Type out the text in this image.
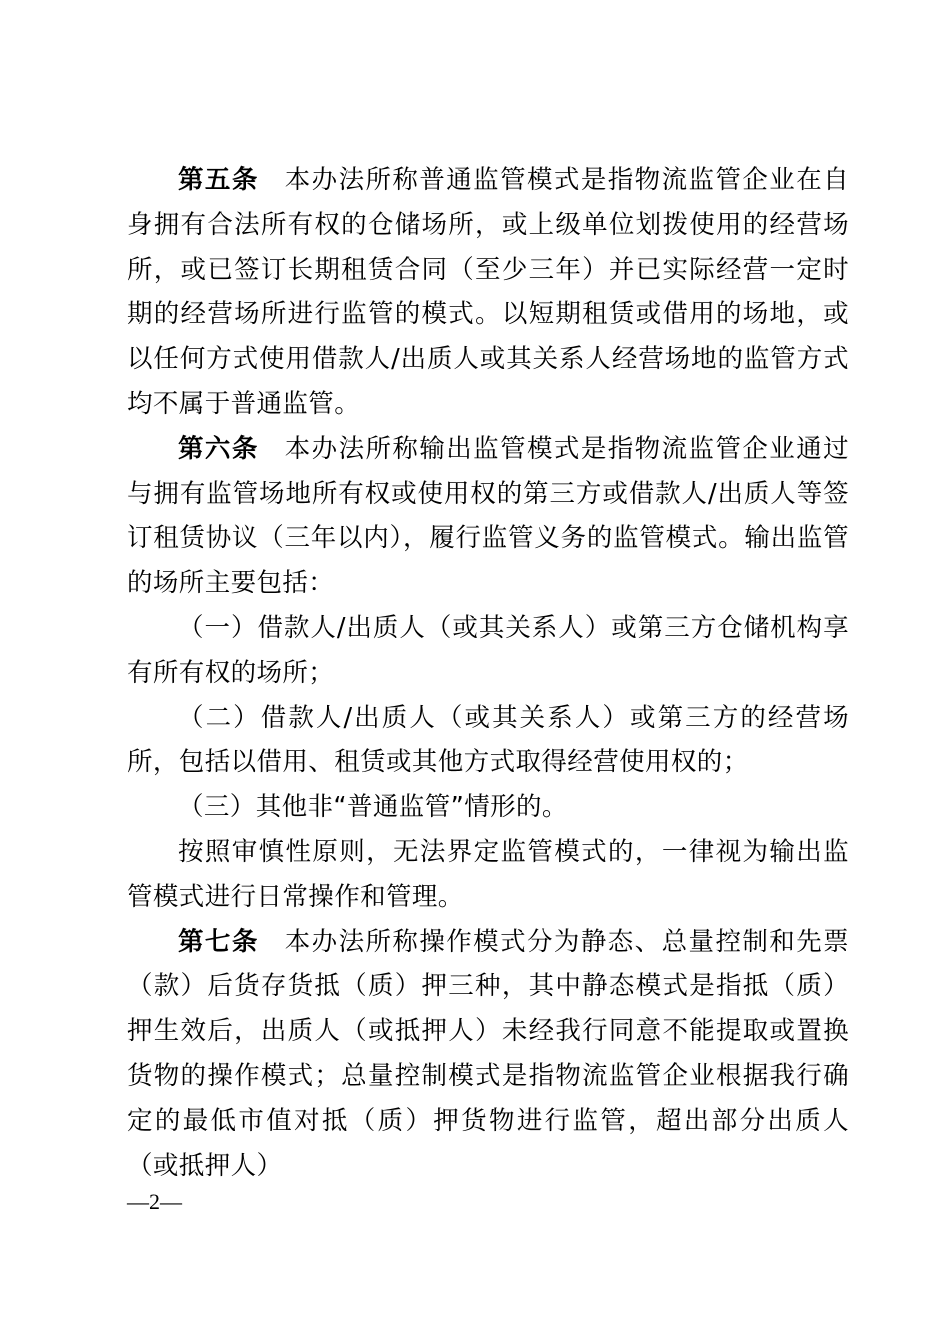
第五条 本办法所称普通监管模式是指物流监管企业在自身拥有合法所有权的仓储场所，或上级单位划拨使用的经营场所，或已签订长期租赁合同（至少三年）并已实际经营一定时期的经营场所进行监管的模式。以短期租赁或借用的场地，或以任何方式使用借款人/出质人或其关系人经营场地的监管方式均不属于普通监管。

第六条 本办法所称输出监管模式是指物流监管企业通过与拥有监管场地所有权或使用权的第三方或借款人/出质人等签订租赁协议（三年以内），履行监管义务的监管模式。输出监管的场所主要包括：

（一）借款人/出质人（或其关系人）或第三方仓储机构享有所有权的场所；

（二）借款人/出质人（或其关系人）或第三方的经营场所，包括以借用、租赁或其他方式取得经营使用权的；

（三）其他非“普通监管”情形的。

按照审慎性原则，无法界定监管模式的，一律视为输出监管模式进行日常操作和管理。

第七条 本办法所称操作模式分为静态、总量控制和先票（款）后货存货抵（质）押三种，其中静态模式是指抵（质）押生效后，出质人（或抵押人）未经我行同意不能提取或置换货物的操作模式；总量控制模式是指物流监管企业根据我行确定的最低市值对抵（质）押货物进行监管，超出部分出质人（或抵押人）

—2—
